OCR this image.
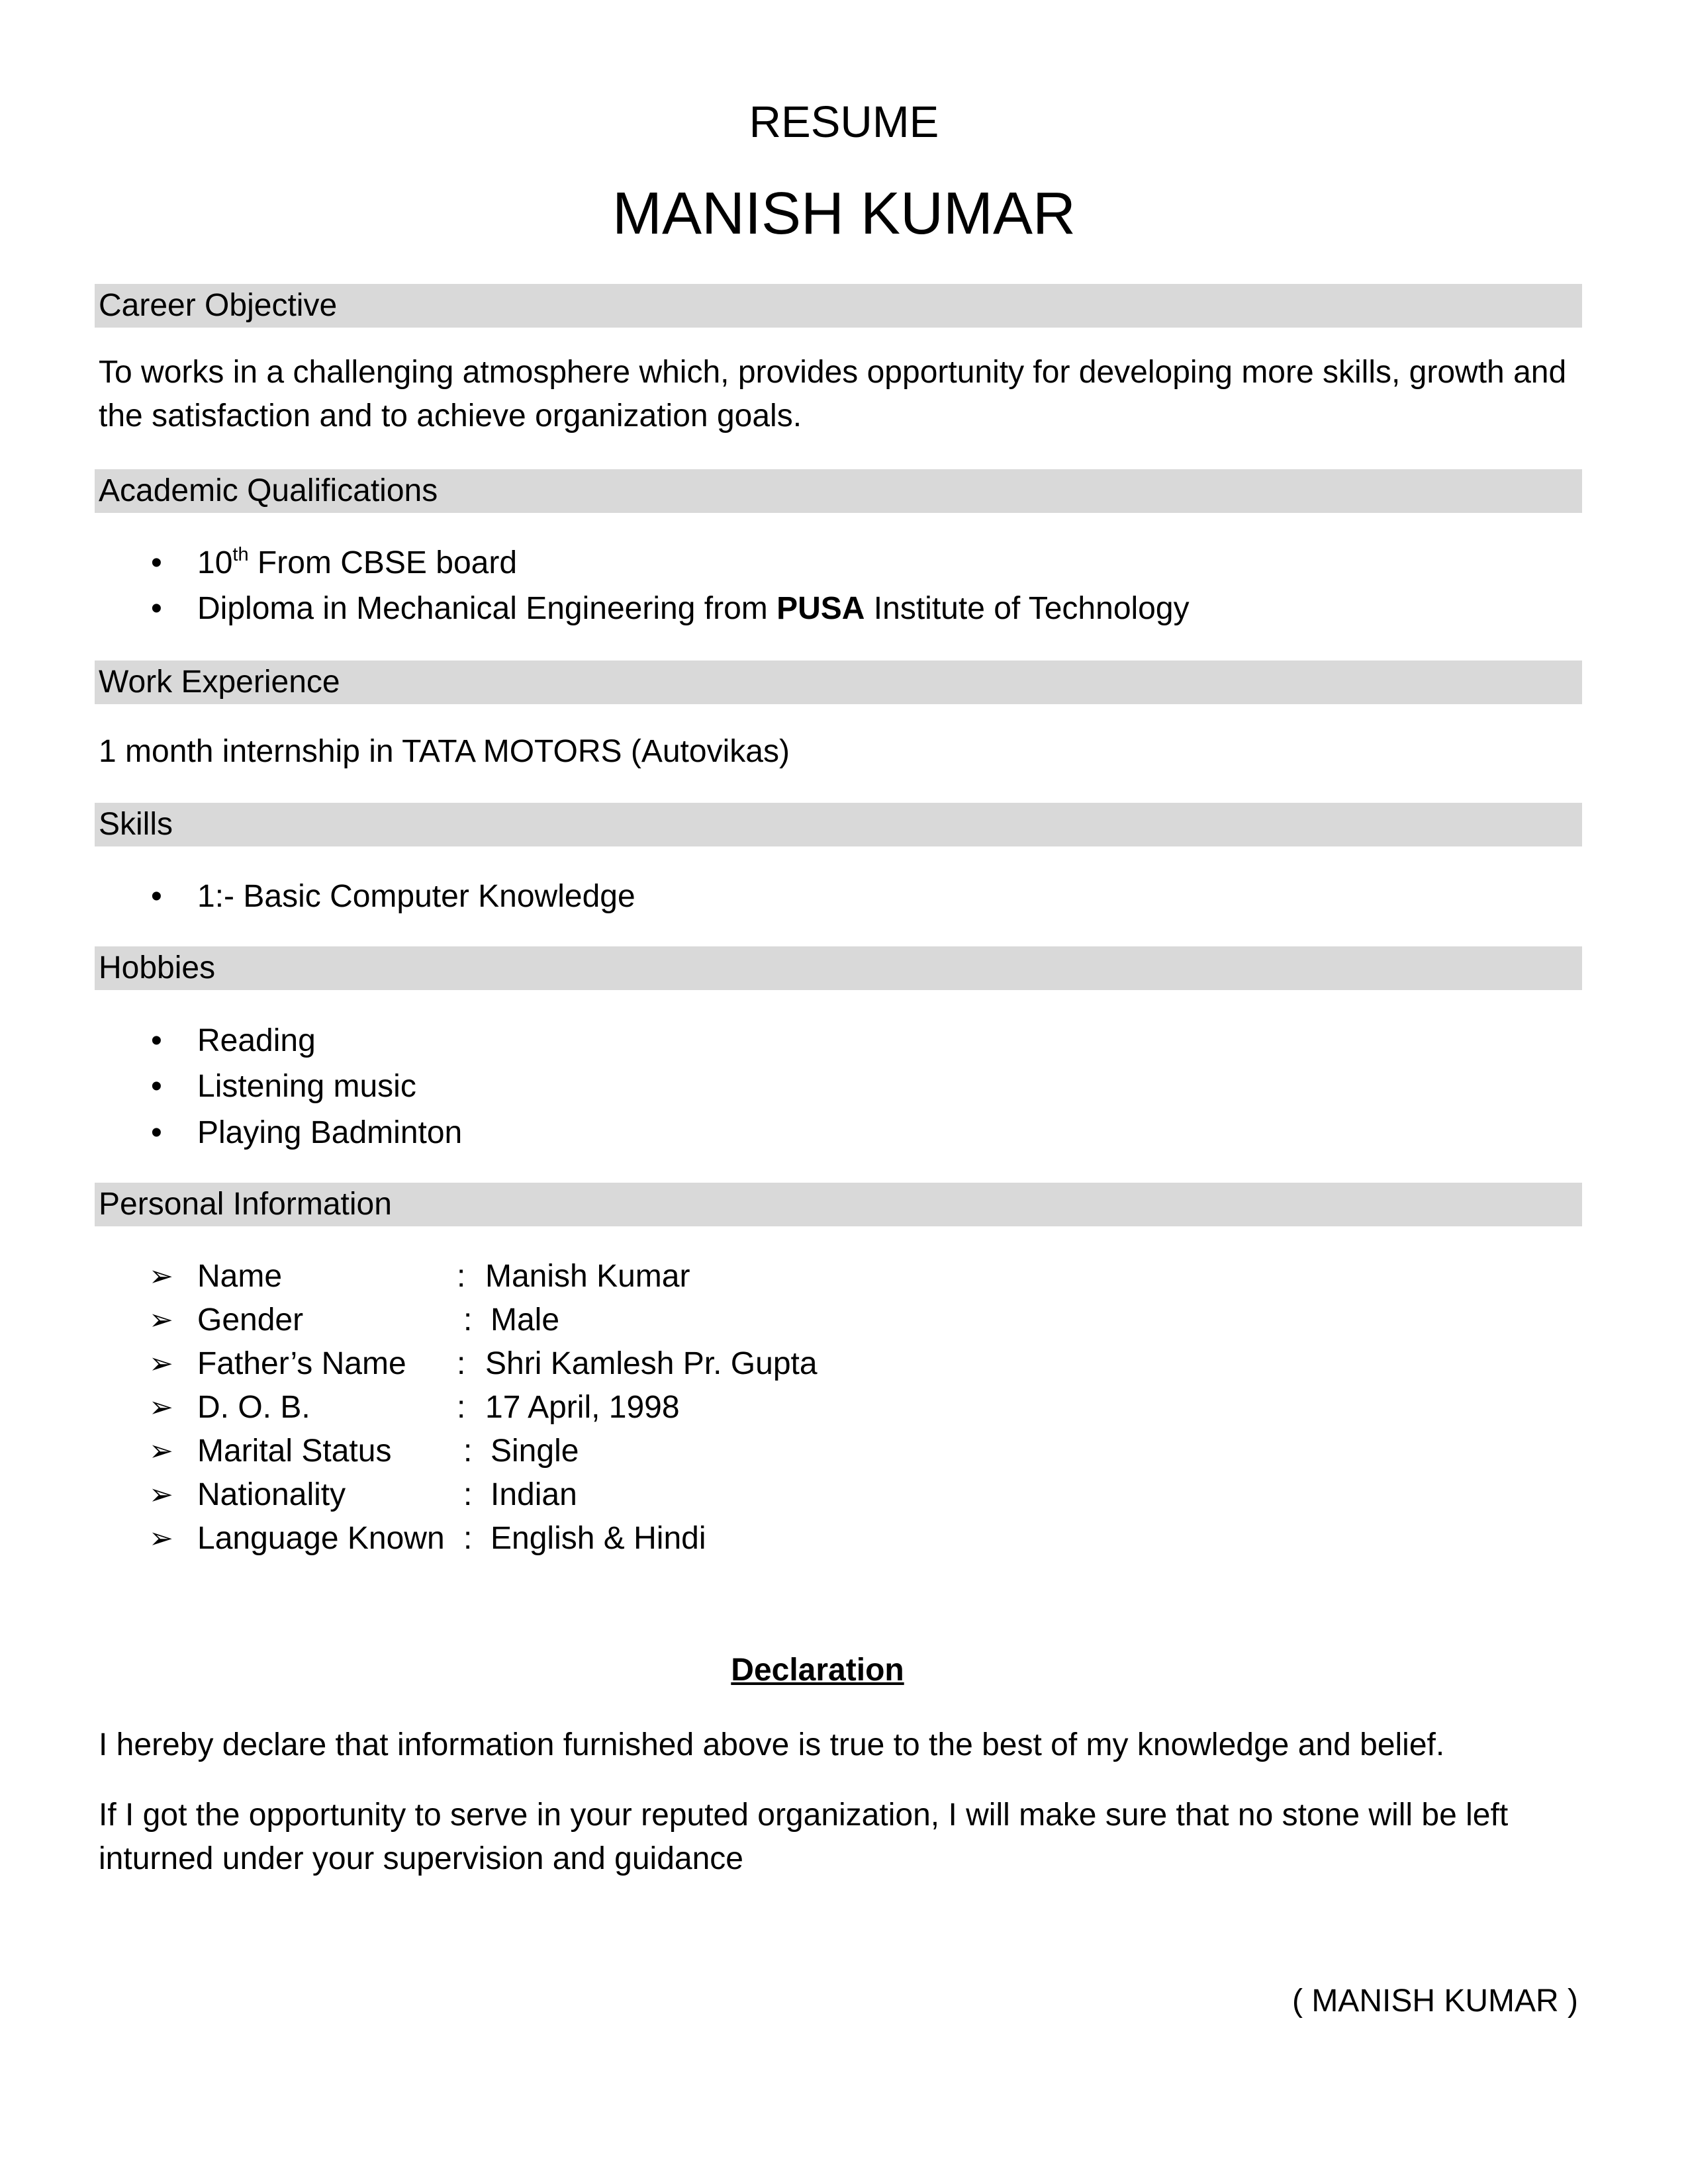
RESUME
MANISH KUMAR
Career Objective
To works in a challenging atmosphere which, provides opportunity for developing more skills, growth and the satisfaction and to achieve organization goals.
Academic Qualifications
• 10th From CBSE board
• Diploma in Mechanical Engineering from PUSA Institute of Technology
Work Experience
1 month internship in TATA MOTORS (Autovikas)
Skills
• 1:- Basic Computer Knowledge
Hobbies
• Reading
• Listening music
• Playing Badminton
Personal Information
➢ Name	: Manish Kumar
➢ Gender	: Male
➢ Father’s Name : Shri Kamlesh Pr. Gupta
➢ D. O. B.	: 17 April, 1998
➢ Marital Status : Single
➢ Nationality	: Indian
➢ Language Known : English & Hindi
Declaration
I hereby declare that information furnished above is true to the best of my knowledge and belief.
If I got the opportunity to serve in your reputed organization, I will make sure that no stone will be left inturned under your supervision and guidance
( MANISH KUMAR )
